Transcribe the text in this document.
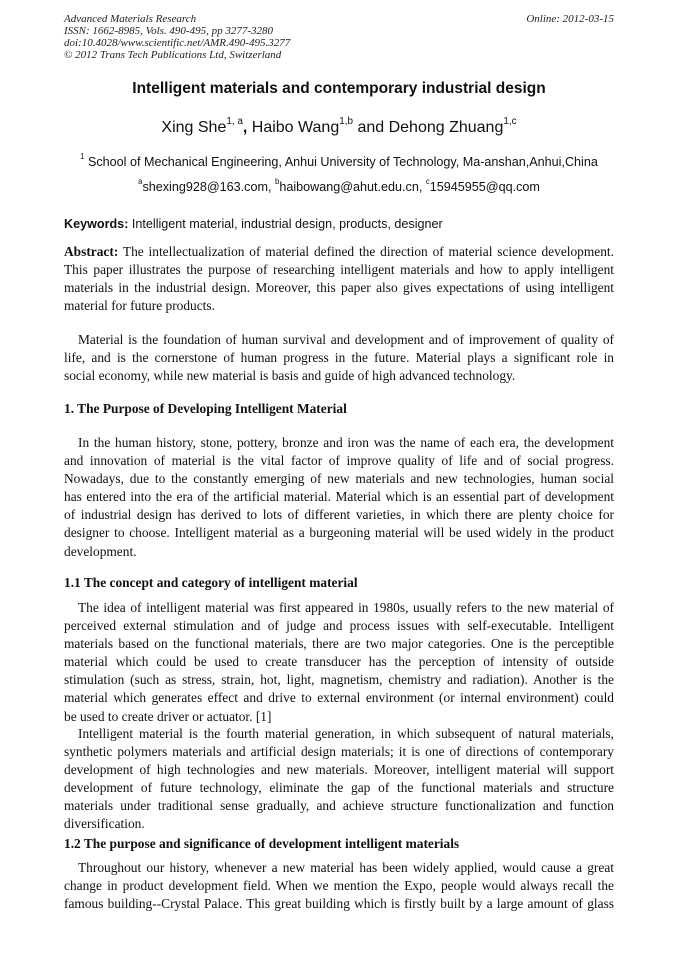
Advanced Materials Research
ISSN: 1662-8985, Vols. 490-495, pp 3277-3280
doi:10.4028/www.scientific.net/AMR.490-495.3277
© 2012 Trans Tech Publications Ltd, Switzerland
Online: 2012-03-15
Intelligent materials and contemporary industrial design
Xing She$^{1, a}$, Haibo Wang$^{1,b}$ and Dehong Zhuang$^{1,c}$
$^1$ School of Mechanical Engineering, Anhui University of Technology, Ma-anshan,Anhui,China
$^a$shexing928@163.com, $^b$haibowang@ahut.edu.cn, $^c$15945955@qq.com
Keywords: Intelligent material, industrial design, products, designer
Abstract: The intellectualization of material defined the direction of material science development.
This paper illustrates the purpose of researching intelligent materials and how to apply intelligent
materials in the industrial design. Moreover, this paper also gives expectations of using intelligent
material for future products.
Material is the foundation of human survival and development and of improvement of quality of
life, and is the cornerstone of human progress in the future. Material plays a significant role in
social economy, while new material is basis and guide of high advanced technology.
1. The Purpose of Developing Intelligent Material
In the human history, stone, pottery, bronze and iron was the name of each era, the development
and innovation of material is the vital factor of improve quality of life and of social progress.
Nowadays, due to the constantly emerging of new materials and new technologies, human social
has entered into the era of the artificial material. Material which is an essential part of development
of industrial design has derived to lots of different varieties, in which there are plenty choice for
designer to choose. Intelligent material as a burgeoning material will be used widely in the product
development.
1.1 The concept and category of intelligent material
The idea of intelligent material was first appeared in 1980s, usually refers to the new material of
perceived external stimulation and of judge and process issues with self-executable. Intelligent
materials based on the functional materials, there are two major categories. One is the perceptible
material which could be used to create transducer has the perception of intensity of outside
stimulation (such as stress, strain, hot, light, magnetism, chemistry and radiation). Another is the
material which generates effect and drive to external environment (or internal environment) could
be used to create driver or actuator. [1]
Intelligent material is the fourth material generation, in which subsequent of natural materials,
synthetic polymers materials and artificial design materials; it is one of directions of contemporary
development of high technologies and new materials. Moreover, intelligent material will support
development of future technology, eliminate the gap of the functional materials and structure
materials under traditional sense gradually, and achieve structure functionalization and function
diversification.
1.2 The purpose and significance of development intelligent materials
Throughout our history, whenever a new material has been widely applied, would cause a great
change in product development field. When we mention the Expo, people would always recall the
famous building--Crystal Palace. This great building which is firstly built by a large amount of glass
